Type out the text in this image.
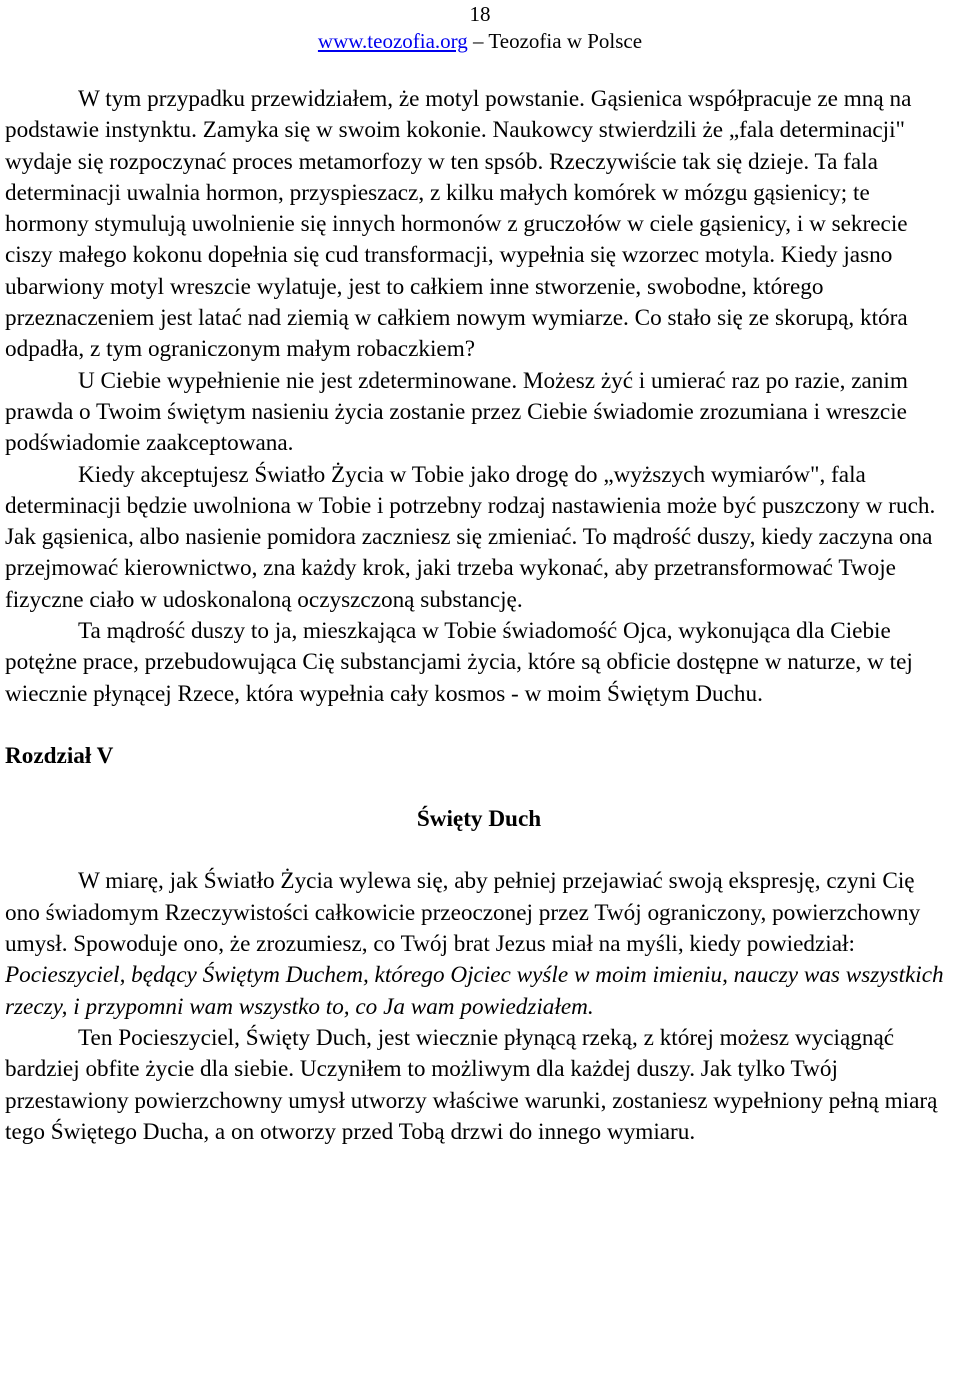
18
www.teozofia.org – Teozofia w Polsce

W tym przypadku przewidziałem, że motyl powstanie. Gąsienica współpracuje ze mną na podstawie instynktu. Zamyka się w swoim kokonie. Naukowcy stwierdzili że „fala determinacji" wydaje się rozpoczynać proces metamorfozy w ten spsób. Rzeczywiście tak się dzieje. Ta fala determinacji uwalnia hormon, przyspieszacz, z kilku małych komórek w mózgu gąsienicy; te hormony stymulują uwolnienie się innych hormonów z gruczołów w ciele gąsienicy, i w sekrecie ciszy małego kokonu dopełnia się cud transformacji, wypełnia się wzorzec motyla. Kiedy jasno ubarwiony motyl wreszcie wylatuje, jest to całkiem inne stworzenie, swobodne, którego przeznaczeniem jest latać nad ziemią w całkiem nowym wymiarze. Co stało się ze skorupą, która odpadła, z tym ograniczonym małym robaczkiem?

U Ciebie wypełnienie nie jest zdeterminowane. Możesz żyć i umierać raz po razie, zanim prawda o Twoim świętym nasieniu życia zostanie przez Ciebie świadomie zrozumiana i wreszcie podświadomie zaakceptowana.

Kiedy akceptujesz Światło Życia w Tobie jako drogę do „wyższych wymiarów", fala determinacji będzie uwolniona w Tobie i potrzebny rodzaj nastawienia może być puszczony w ruch. Jak gąsienica, albo nasienie pomidora zaczniesz się zmieniać. To mądrość duszy, kiedy zaczyna ona przejmować kierownictwo, zna każdy krok, jaki trzeba wykonać, aby przetransformować Twoje fizyczne ciało w udoskonaloną oczyszczoną substancję.

Ta mądrość duszy to ja, mieszkająca w Tobie świadomość Ojca, wykonująca dla Ciebie potężne prace, przebudowująca Cię substancjami życia, które są obficie dostępne w naturze, w tej wiecznie płynącej Rzece, która wypełnia cały kosmos - w moim Świętym Duchu.

Rozdział V

Święty Duch

W miarę, jak Światło Życia wylewa się, aby pełniej przejawiać swoją ekspresję, czyni Cię ono świadomym Rzeczywistości całkowicie przeoczonej przez Twój ograniczony, powierzchowny umysł. Spowoduje ono, że zrozumiesz, co Twój brat Jezus miał na myśli, kiedy powiedział: Pocieszyciel, będący Świętym Duchem, którego Ojciec wyśle w moim imieniu, nauczy was wszystkich rzeczy, i przypomni wam wszystko to, co Ja wam powiedziałem.

Ten Pocieszyciel, Święty Duch, jest wiecznie płynącą rzeką, z której możesz wyciągnąć bardziej obfite życie dla siebie. Uczyniłem to możliwym dla każdej duszy. Jak tylko Twój przestawiony powierzchowny umysł utworzy właściwe warunki, zostaniesz wypełniony pełną miarą tego Świętego Ducha, a on otworzy przed Tobą drzwi do innego wymiaru.
